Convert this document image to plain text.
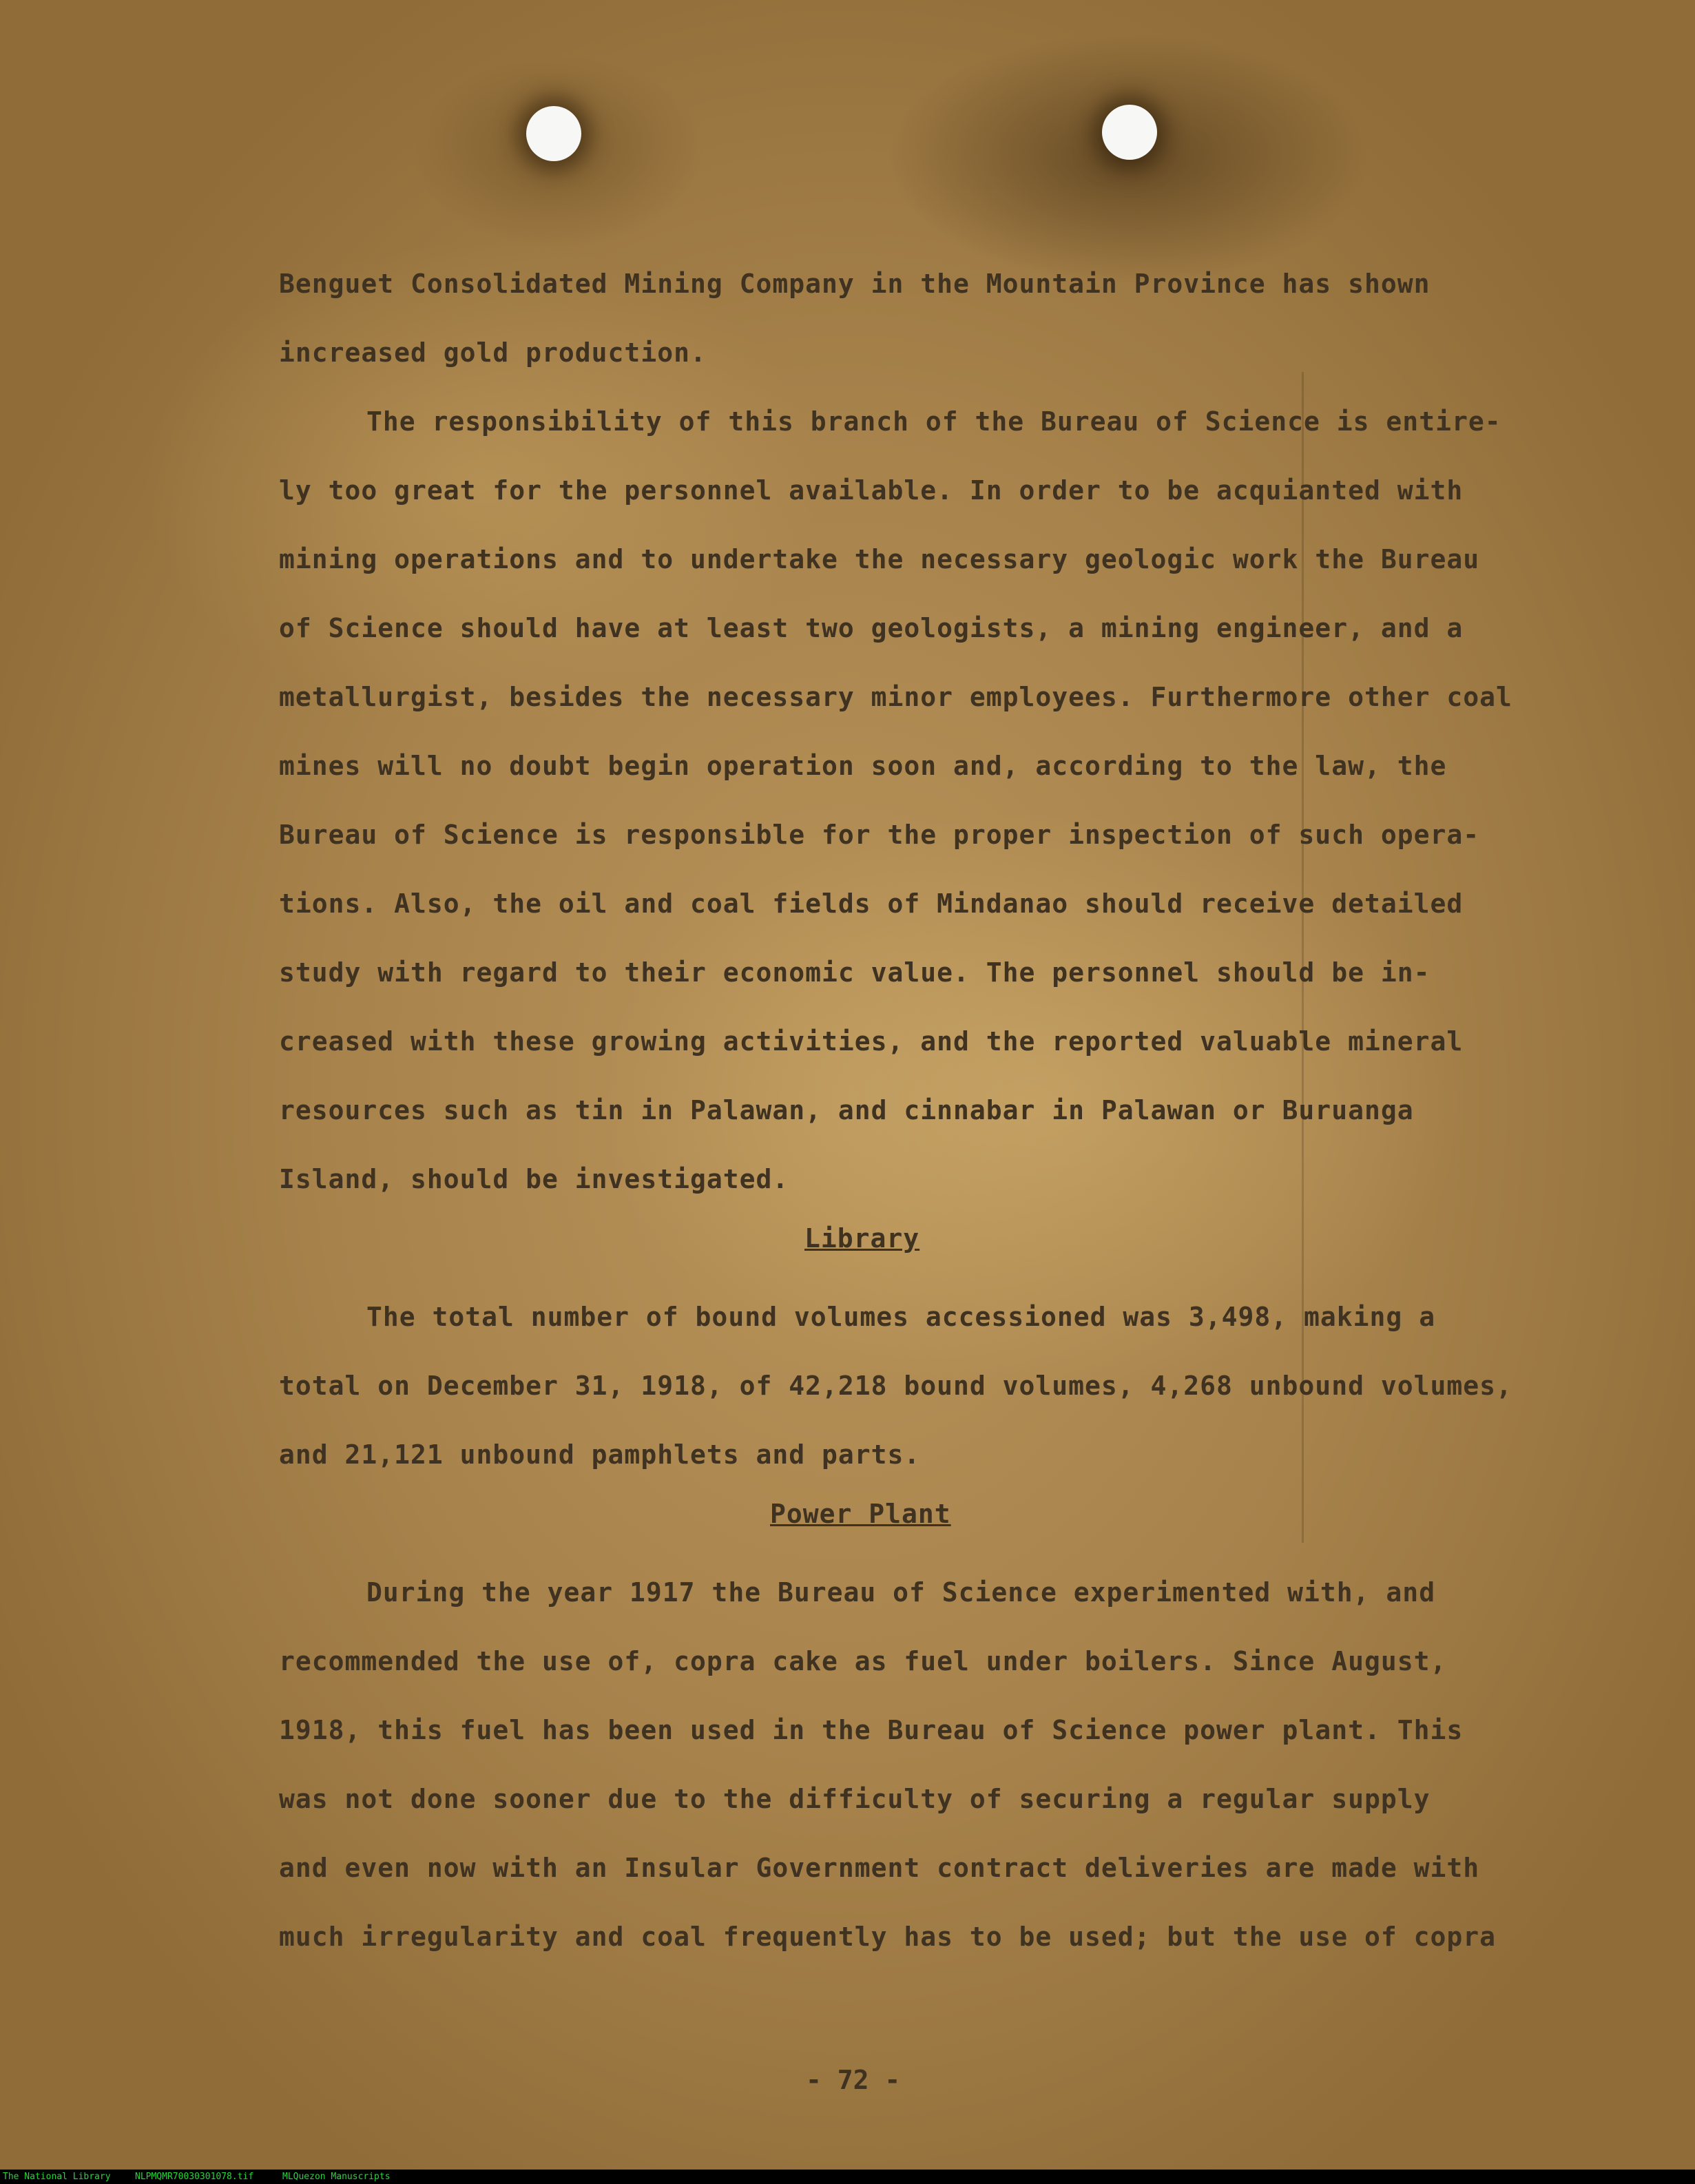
Benguet Consolidated Mining Company in the Mountain Province has shown
increased gold production.
The responsibility of this branch of the Bureau of Science is entire-
ly too great for the personnel available. In order to be acquianted with
mining operations and to undertake the necessary geologic work the Bureau
of Science should have at least two geologists, a mining engineer, and a
metallurgist, besides the necessary minor employees. Furthermore other coal
mines will no doubt begin operation soon and, according to the law, the
Bureau of Science is responsible for the proper inspection of such opera-
tions. Also, the oil and coal fields of Mindanao should receive detailed
study with regard to their economic value. The personnel should be in-
creased with these growing activities, and the reported valuable mineral
resources such as tin in Palawan, and cinnabar in Palawan or Buruanga
Island, should be investigated.
Library
The total number of bound volumes accessioned was 3,498, making a
total on December 31, 1918, of 42,218 bound volumes, 4,268 unbound volumes,
and 21,121 unbound pamphlets and parts.
Power Plant
During the year 1917 the Bureau of Science experimented with, and
recommended the use of, copra cake as fuel under boilers. Since August,
1918, this fuel has been used in the Bureau of Science power plant. This
was not done sooner due to the difficulty of securing a regular supply
and even now with an Insular Government contract deliveries are made with
much irregularity and coal frequently has to be used; but the use of copra
- 72 -
The National Library	NLPMQMR70030301078.tif	MLQuezon Manuscripts
